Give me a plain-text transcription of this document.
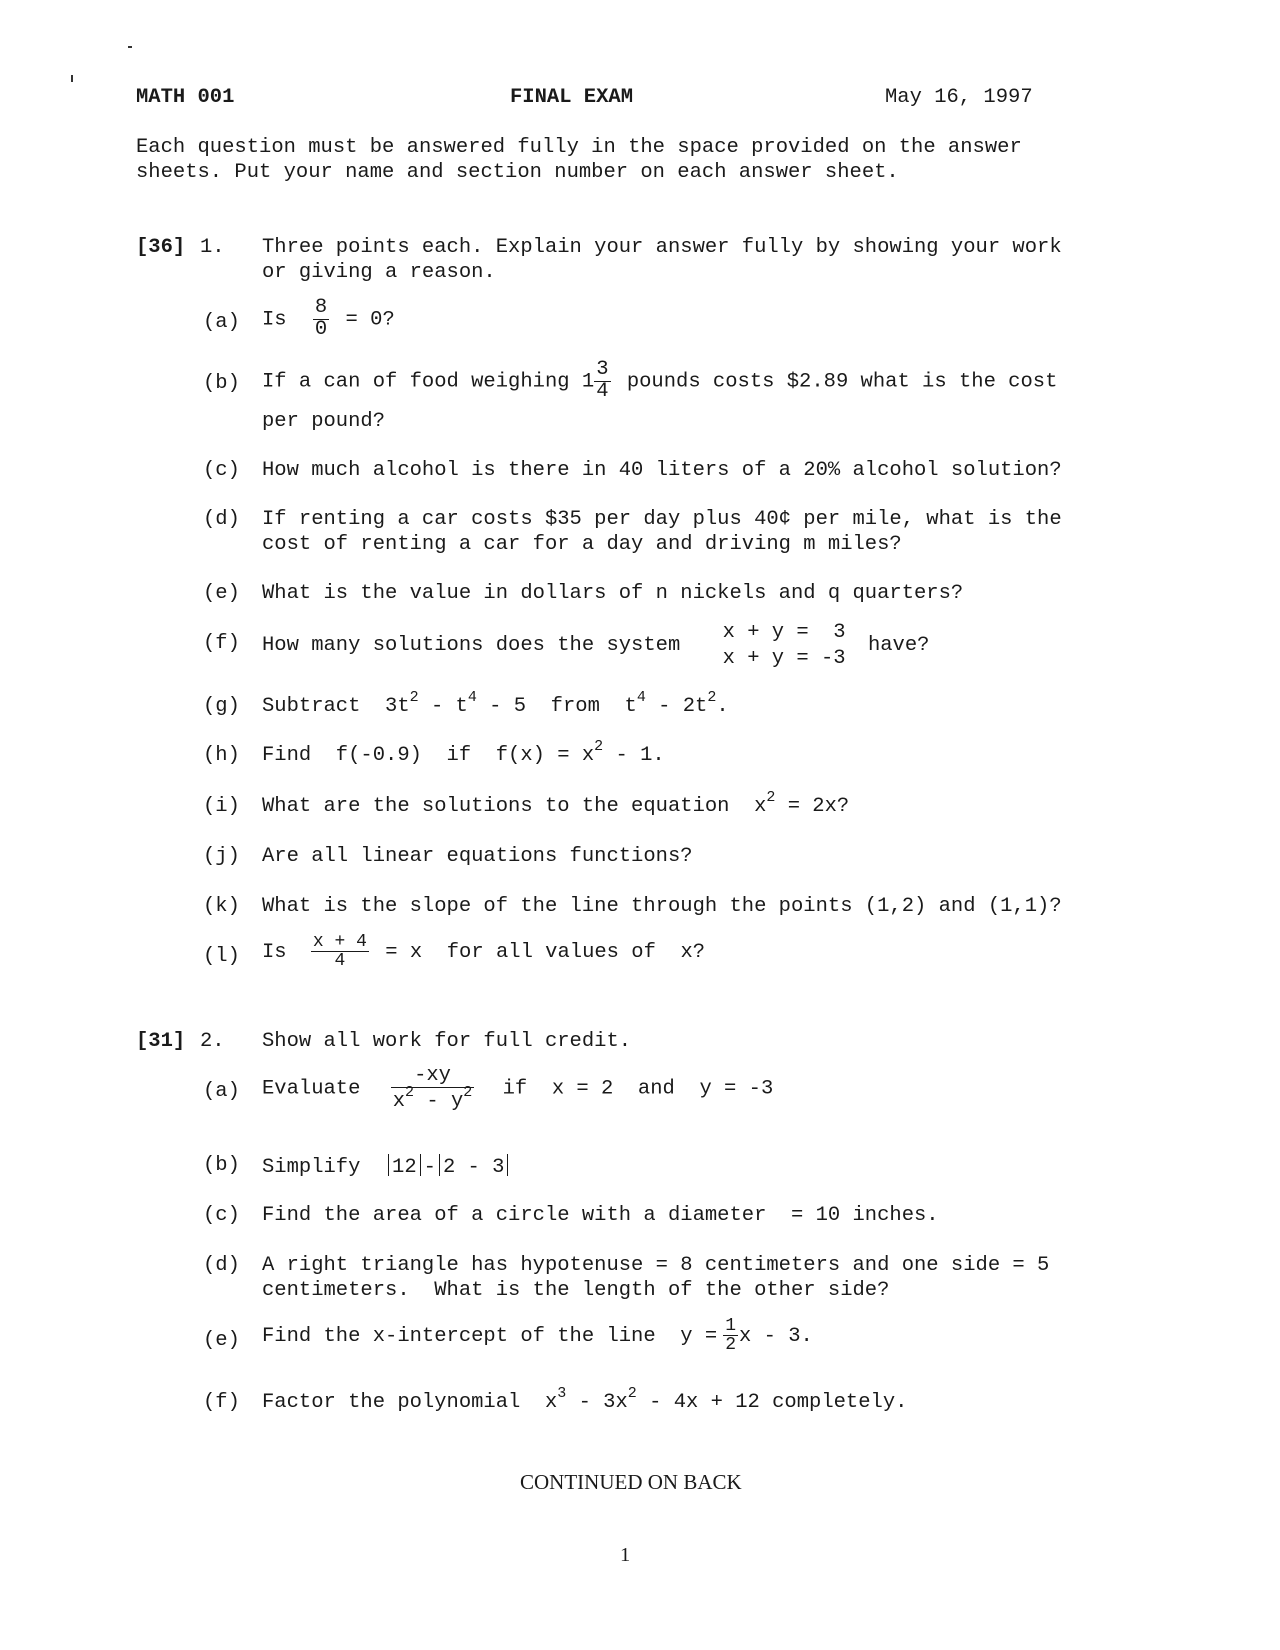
MATH 001	FINAL EXAM	May 16, 1997
Each question must be answered fully in the space provided on the answer
sheets. Put your name and section number on each answer sheet.
[36] 1. Three points each. Explain your answer fully by showing your work
or giving a reason.
(a) Is $\frac{8}{0} = 0$?
(b) If a can of food weighing $1 \frac{3}{4}$ pounds costs $2.89 what is the cost
per pound?
(c) How much alcohol is there in 40 liters of a 20% alcohol solution?
(d) If renting a car costs $35 per day plus 40¢ per mile, what is the
cost of renting a car for a day and driving m miles?
(e) What is the value in dollars of n nickels and q quarters?
(f) How many solutions does the system
x + y =  3
x + y = -3
have?
(g) Subtract  $3t^2 - t^4 - 5$  from  $t^4 - 2t^2$.
(h) Find  f(-0.9)  if  $f(x) = x^2 - 1$.
(i) What are the solutions to the equation  $x^2 = 2x$?
(j) Are all linear equations functions?
(k) What is the slope of the line through the points (1,2) and (1,1)?
(l) Is $\frac{x + 4}{4} = x$  for all values of  x?
[31] 2. Show all work for full credit.
(a) Evaluate $\frac{-xy}{x^2 - y^2}$ if  x = 2  and  y = -3
(b) Simplify 12 - 2 - 3
(c) Find the area of a circle with a diameter  = 10 inches.
(d) A right triangle has hypotenuse = 8 centimeters and one side = 5
centimeters.  What is the length of the other side?
(e) Find the x-intercept of the line  $y = \frac{1}{2}$ x - 3.
(f) Factor the polynomial  $x^3 - 3x^2 - 4x + 12$ completely.
CONTINUED ON BACK
1
